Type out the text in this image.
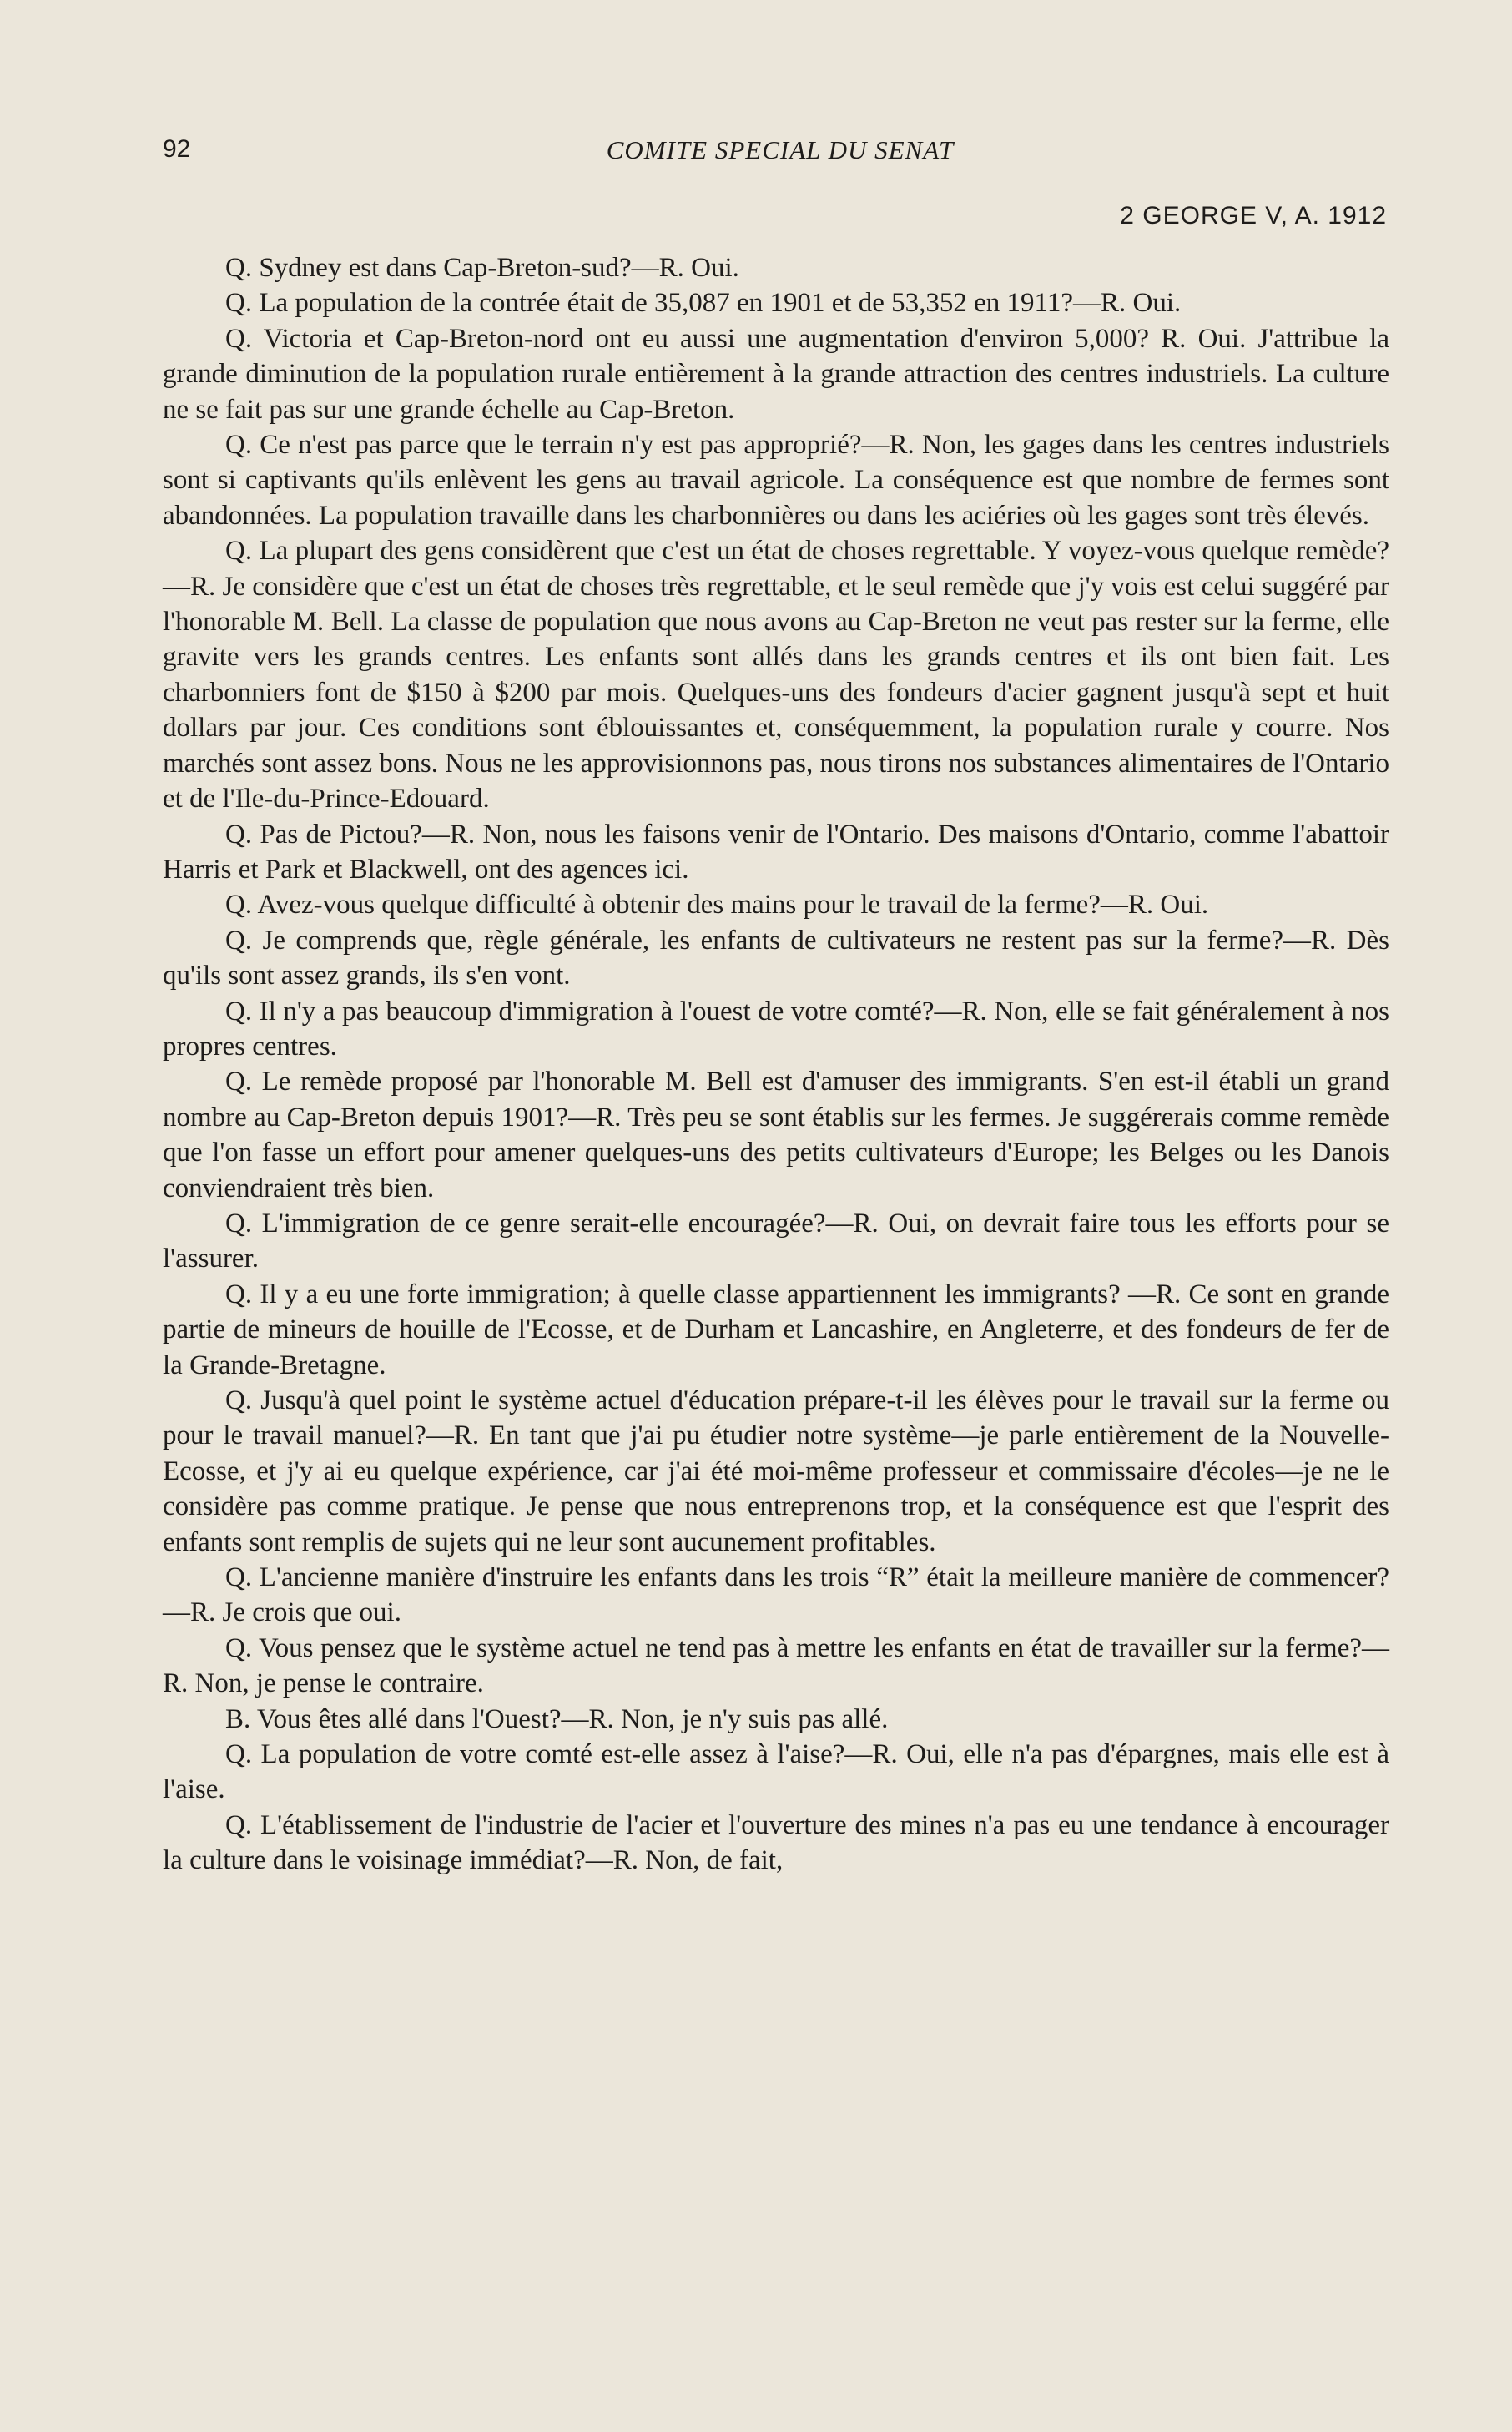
92	COMITE SPECIAL DU SENAT
2 GEORGE V, A. 1912

Q. Sydney est dans Cap-Breton-sud?—R. Oui.

Q. La population de la contrée était de 35,087 en 1901 et de 53,352 en 1911?—R. Oui.

Q. Victoria et Cap-Breton-nord ont eu aussi une augmentation d'environ 5,000? R. Oui. J'attribue la grande diminution de la population rurale entièrement à la grande attraction des centres industriels. La culture ne se fait pas sur une grande échelle au Cap-Breton.

Q. Ce n'est pas parce que le terrain n'y est pas approprié?—R. Non, les gages dans les centres industriels sont si captivants qu'ils enlèvent les gens au travail agricole. La conséquence est que nombre de fermes sont abandonnées. La population travaille dans les charbonnières ou dans les aciéries où les gages sont très élevés.

Q. La plupart des gens considèrent que c'est un état de choses regrettable. Y voyez-vous quelque remède?—R. Je considère que c'est un état de choses très regrettable, et le seul remède que j'y vois est celui suggéré par l'honorable M. Bell. La classe de population que nous avons au Cap-Breton ne veut pas rester sur la ferme, elle gravite vers les grands centres. Les enfants sont allés dans les grands centres et ils ont bien fait. Les charbonniers font de $150 à $200 par mois. Quelques-uns des fondeurs d'acier gagnent jusqu'à sept et huit dollars par jour. Ces conditions sont éblouissantes et, conséquemment, la population rurale y courre. Nos marchés sont assez bons. Nous ne les approvisionnons pas, nous tirons nos substances alimentaires de l'Ontario et de l'Ile-du-Prince-Edouard.

Q. Pas de Pictou?—R. Non, nous les faisons venir de l'Ontario. Des maisons d'Ontario, comme l'abattoir Harris et Park et Blackwell, ont des agences ici.

Q. Avez-vous quelque difficulté à obtenir des mains pour le travail de la ferme?—R. Oui.

Q. Je comprends que, règle générale, les enfants de cultivateurs ne restent pas sur la ferme?—R. Dès qu'ils sont assez grands, ils s'en vont.

Q. Il n'y a pas beaucoup d'immigration à l'ouest de votre comté?—R. Non, elle se fait généralement à nos propres centres.

Q. Le remède proposé par l'honorable M. Bell est d'amuser des immigrants. S'en est-il établi un grand nombre au Cap-Breton depuis 1901?—R. Très peu se sont établis sur les fermes. Je suggérerais comme remède que l'on fasse un effort pour amener quelques-uns des petits cultivateurs d'Europe; les Belges ou les Danois conviendraient très bien.

Q. L'immigration de ce genre serait-elle encouragée?—R. Oui, on devrait faire tous les efforts pour se l'assurer.

Q. Il y a eu une forte immigration; à quelle classe appartiennent les immigrants? —R. Ce sont en grande partie de mineurs de houille de l'Ecosse, et de Durham et Lancashire, en Angleterre, et des fondeurs de fer de la Grande-Bretagne.

Q. Jusqu'à quel point le système actuel d'éducation prépare-t-il les élèves pour le travail sur la ferme ou pour le travail manuel?—R. En tant que j'ai pu étudier notre système—je parle entièrement de la Nouvelle-Ecosse, et j'y ai eu quelque expérience, car j'ai été moi-même professeur et commissaire d'écoles—je ne le considère pas comme pratique. Je pense que nous entreprenons trop, et la conséquence est que l'esprit des enfants sont remplis de sujets qui ne leur sont aucunement profitables.

Q. L'ancienne manière d'instruire les enfants dans les trois “R” était la meilleure manière de commencer?—R. Je crois que oui.

Q. Vous pensez que le système actuel ne tend pas à mettre les enfants en état de travailler sur la ferme?—R. Non, je pense le contraire.

B. Vous êtes allé dans l'Ouest?—R. Non, je n'y suis pas allé.

Q. La population de votre comté est-elle assez à l'aise?—R. Oui, elle n'a pas d'épargnes, mais elle est à l'aise.

Q. L'établissement de l'industrie de l'acier et l'ouverture des mines n'a pas eu une tendance à encourager la culture dans le voisinage immédiat?—R. Non, de fait,
